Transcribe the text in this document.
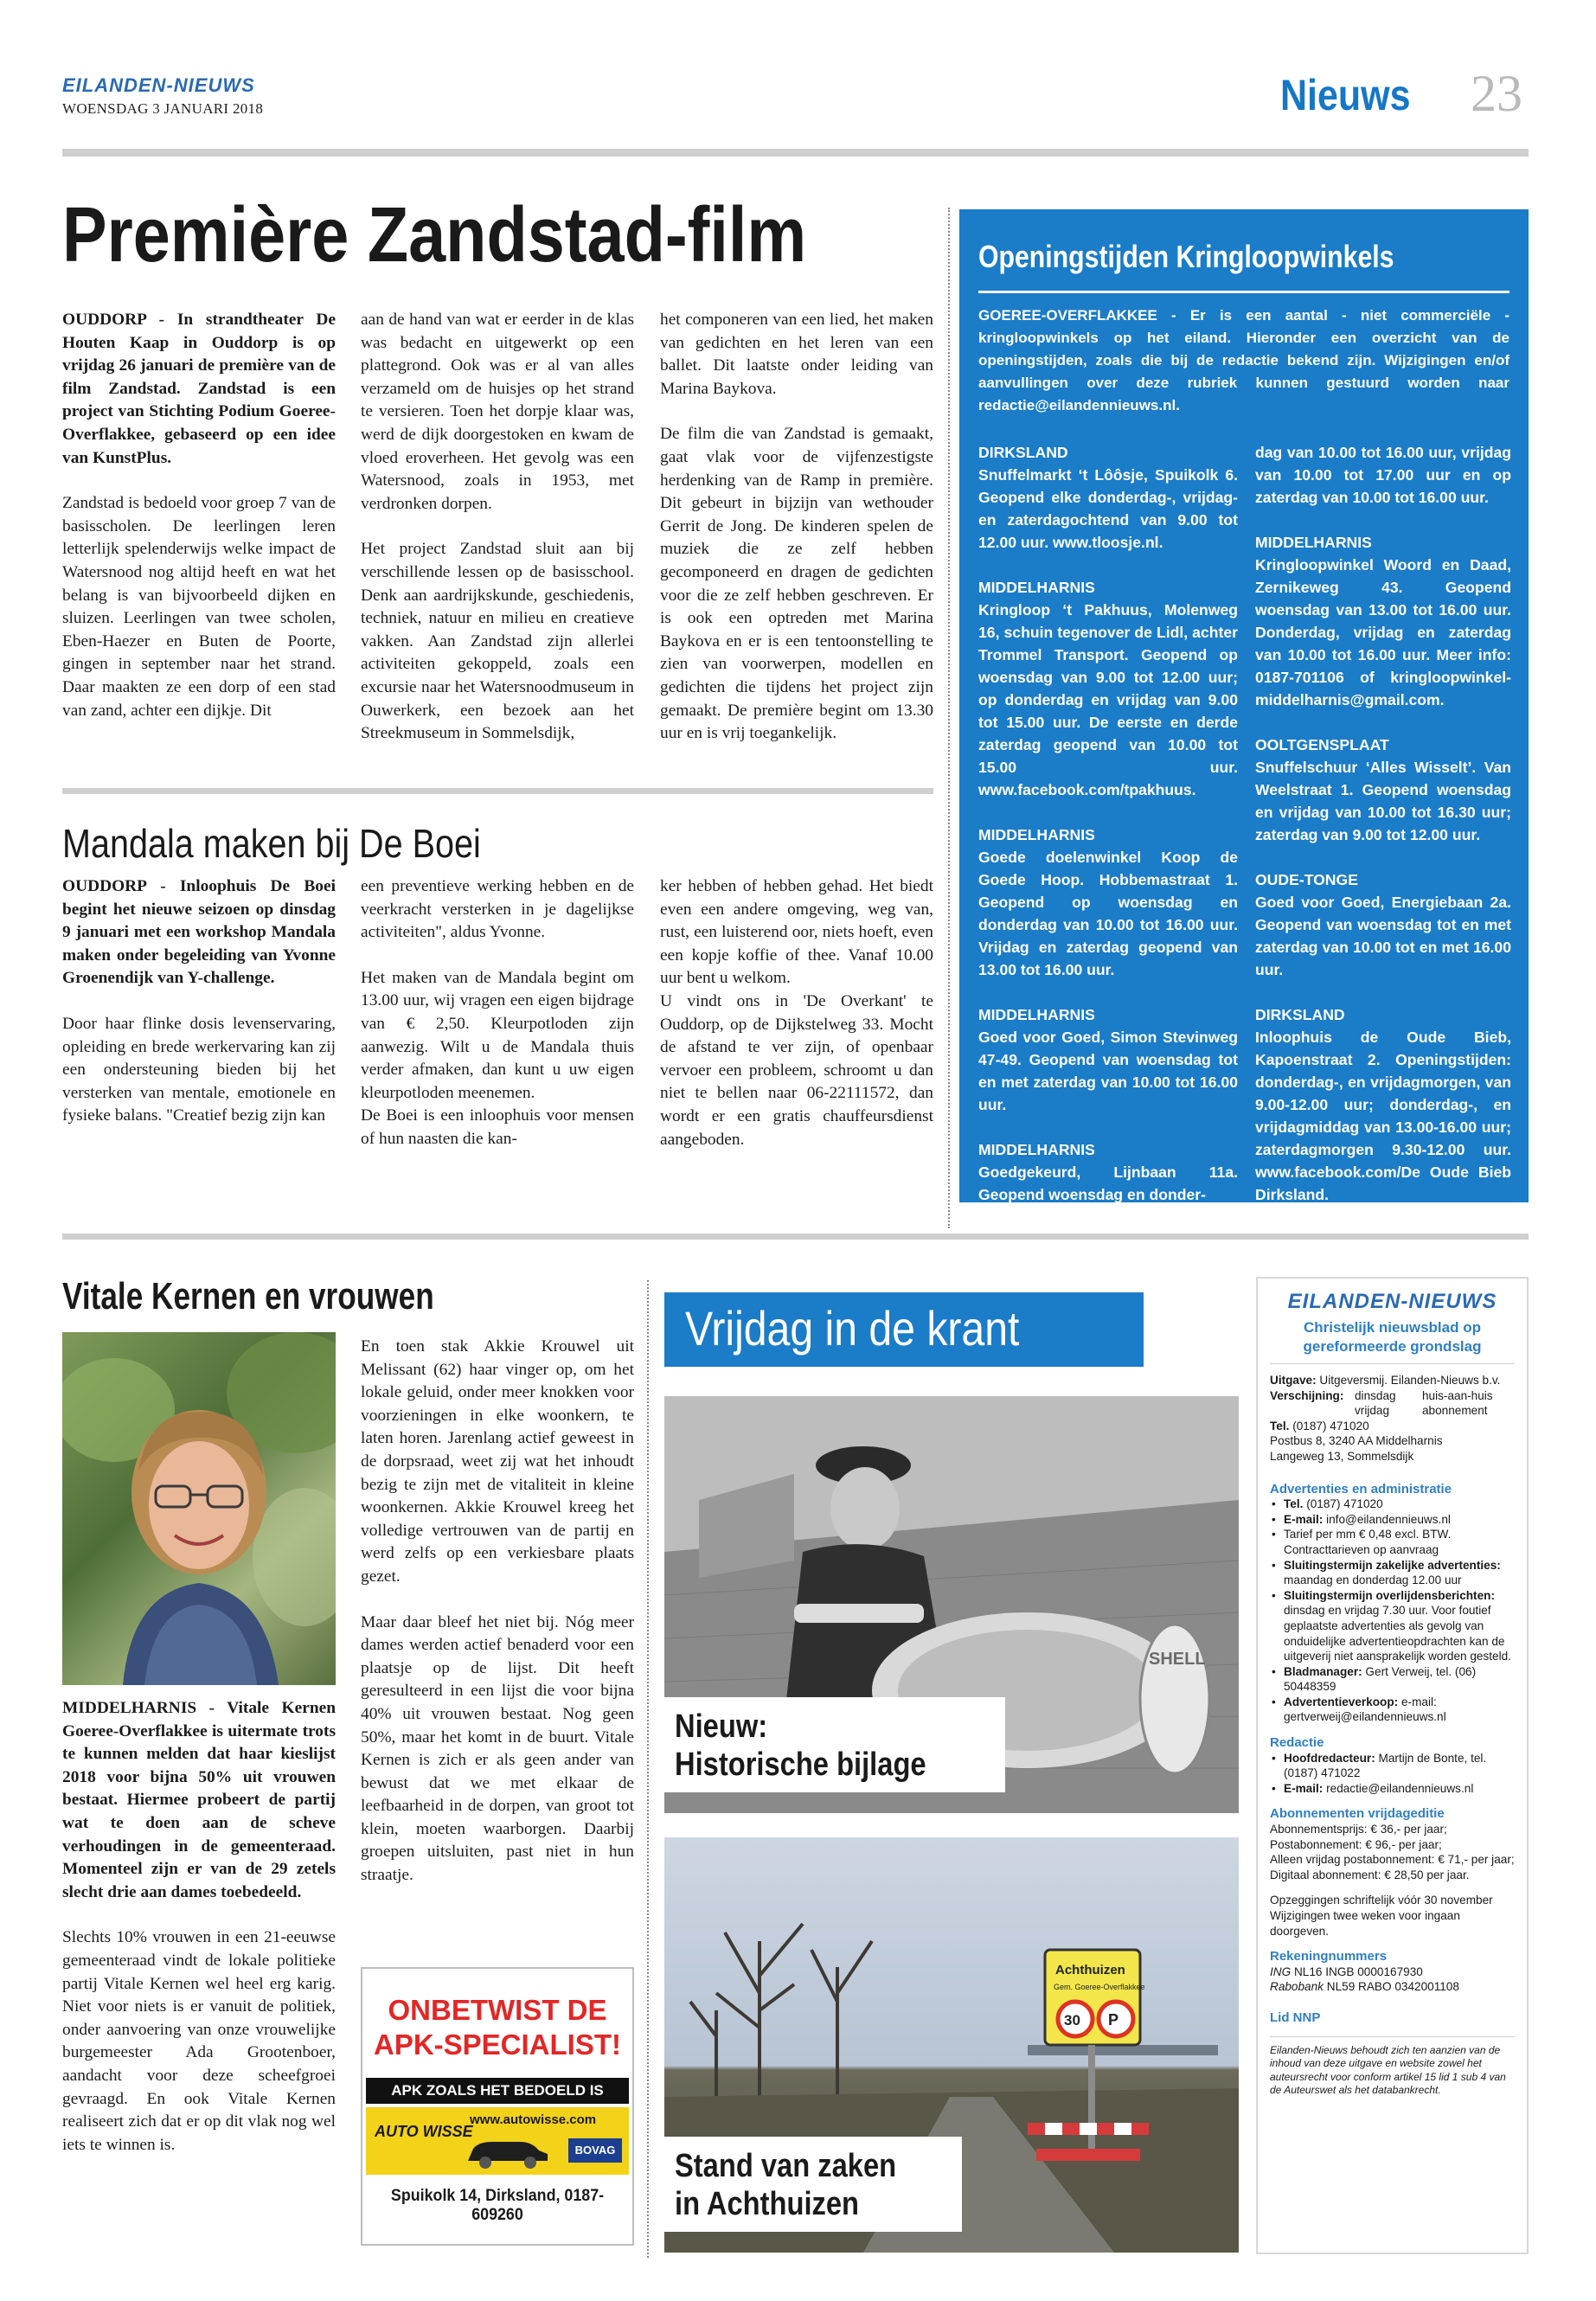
EILANDEN-NIEUWS
WOENSDAG 3 JANUARI 2018	Nieuws 23
Première Zandstad-film

OUDDORP - In strandtheater De Houten Kaap in Ouddorp is op vrijdag 26 januari de première van de film Zandstad. Zandstad is een project van Stichting Podium Goeree-Overflakkee, gebaseerd op een idee van KunstPlus.

Zandstad is bedoeld voor groep 7 van de basisscholen. De leerlingen leren letterlijk spelenderwijs welke impact de Watersnood nog altijd heeft en wat het belang is van bijvoorbeeld dijken en sluizen. Leerlingen van twee scholen, Eben-Haezer en Buten de Poorte, gingen in september naar het strand. Daar maakten ze een dorp of een stad van zand, achter een dijkje. Dit

aan de hand van wat er eerder in de klas was bedacht en uitgewerkt op een plattegrond. Ook was er al van alles verzameld om de huisjes op het strand te versieren. Toen het dorpje klaar was, werd de dijk doorgestoken en kwam de vloed eroverheen. Het gevolg was een Watersnood, zoals in 1953, met verdronken dorpen.

Het project Zandstad sluit aan bij verschillende lessen op de basisschool. Denk aan aardrijkskunde, geschiedenis, techniek, natuur en milieu en creatieve vakken. Aan Zandstad zijn allerlei activiteiten gekoppeld, zoals een excursie naar het Watersnoodmuseum in Ouwerkerk, een bezoek aan het Streekmuseum in Sommelsdijk,

het componeren van een lied, het maken van gedichten en het leren van een ballet. Dit laatste onder leiding van Marina Baykova.

De film die van Zandstad is gemaakt, gaat vlak voor de vijfenzestigste herdenking van de Ramp in première. Dit gebeurt in bijzijn van wethouder Gerrit de Jong. De kinderen spelen de muziek die ze zelf hebben gecomponeerd en dragen de gedichten voor die ze zelf hebben geschreven. Er is ook een optreden met Marina Baykova en er is een tentoonstelling te zien van voorwerpen, modellen en gedichten die tijdens het project zijn gemaakt. De première begint om 13.30 uur en is vrij toegankelijk.

Mandala maken bij De Boei

OUDDORP - Inloophuis De Boei begint het nieuwe seizoen op dinsdag 9 januari met een workshop Mandala maken onder begeleiding van Yvonne Groenendijk van Y-challenge.

Door haar flinke dosis levenservaring, opleiding en brede werkervaring kan zij een ondersteuning bieden bij het versterken van mentale, emotionele en fysieke balans. "Creatief bezig zijn kan

een preventieve werking hebben en de veerkracht versterken in je dagelijkse activiteiten", aldus Yvonne.

Het maken van de Mandala begint om 13.00 uur, wij vragen een eigen bijdrage van € 2,50. Kleurpotloden zijn aanwezig. Wilt u de Mandala thuis verder afmaken, dan kunt u uw eigen kleurpotloden meenemen.

De Boei is een inloophuis voor mensen of hun naasten die kan-

ker hebben of hebben gehad. Het biedt even een andere omgeving, weg van, rust, een luisterend oor, niets hoeft, even een kopje koffie of thee. Vanaf 10.00 uur bent u welkom.

U vindt ons in 'De Overkant' te Ouddorp, op de Dijkstelweg 33. Mocht de afstand te ver zijn, of openbaar vervoer een probleem, schroomt u dan niet te bellen naar 06-22111572, dan wordt er een gratis chauffeursdienst aangeboden.

Openingstijden Kringloopwinkels
GOEREE-OVERFLAKKEE - Er is een aantal - niet commerciële - kringloopwinkels op het eiland. Hieronder een overzicht van de openingstijden, zoals die bij de redactie bekend zijn. Wijzigingen en/of aanvullingen over deze rubriek kunnen gestuurd worden naar redactie@eilandennieuws.nl.

DIRKSLAND
Snuffelmarkt ‘t Lôôsje, Spuikolk 6. Geopend elke donderdag-, vrijdag- en zaterdagochtend van 9.00 tot 12.00 uur. www.tloosje.nl.

MIDDELHARNIS
Kringloop ‘t Pakhuus, Molenweg 16, schuin tegenover de Lidl, achter Trommel Transport. Geopend op woensdag van 9.00 tot 12.00 uur; op donderdag en vrijdag van 9.00 tot 15.00 uur. De eerste en derde zaterdag geopend van 10.00 tot 15.00 uur. www.facebook.com/tpakhuus.

MIDDELHARNIS
Goede doelenwinkel Koop de Goede Hoop. Hobbemastraat 1. Geopend op woensdag en donderdag van 10.00 tot 16.00 uur. Vrijdag en zaterdag geopend van 13.00 tot 16.00 uur.

MIDDELHARNIS
Goed voor Goed, Simon Stevinweg 47-49. Geopend van woensdag tot en met zaterdag van 10.00 tot 16.00 uur.

MIDDELHARNIS
Goedgekeurd, Lijnbaan 11a. Geopend woensdag en donder-

dag van 10.00 tot 16.00 uur, vrijdag van 10.00 tot 17.00 uur en op zaterdag van 10.00 tot 16.00 uur.

MIDDELHARNIS
Kringloopwinkel Woord en Daad, Zernikeweg 43. Geopend woensdag van 13.00 tot 16.00 uur. Donderdag, vrijdag en zaterdag van 10.00 tot 16.00 uur. Meer info: 0187-701106 of kringloopwinkel-middelharnis@gmail.com.

OOLTGENSPLAAT
Snuffelschuur ‘Alles Wisselt’. Van Weelstraat 1. Geopend woensdag en vrijdag van 10.00 tot 16.30 uur; zaterdag van 9.00 tot 12.00 uur.

OUDE-TONGE
Goed voor Goed, Energiebaan 2a. Geopend van woensdag tot en met zaterdag van 10.00 tot en met 16.00 uur.

DIRKSLAND
Inloophuis de Oude Bieb, Kapoenstraat 2. Openingstijden: donderdag-, en vrijdagmorgen, van 9.00-12.00 uur; donderdag-, en vrijdagmiddag van 13.00-16.00 uur; zaterdagmorgen 9.30-12.00 uur. www.facebook.com/De Oude Bieb Dirksland.

Vitale Kernen en vrouwen

MIDDELHARNIS - Vitale Kernen Goeree-Overflakkee is uitermate trots te kunnen melden dat haar kieslijst 2018 voor bijna 50% uit vrouwen bestaat. Hiermee probeert de partij wat te doen aan de scheve verhoudingen in de gemeenteraad. Momenteel zijn er van de 29 zetels slecht drie aan dames toebedeeld.

Slechts 10% vrouwen in een 21-eeuwse gemeenteraad vindt de lokale politieke partij Vitale Kernen wel heel erg karig. Niet voor niets is er vanuit de politiek, onder aanvoering van onze vrouwelijke burgemeester Ada Grootenboer, aandacht voor deze scheefgroei gevraagd. En ook Vitale Kernen realiseert zich dat er op dit vlak nog wel iets te winnen is.

En toen stak Akkie Krouwel uit Melissant (62) haar vinger op, om het lokale geluid, onder meer knokken voor voorzieningen in elke woonkern, te laten horen. Jarenlang actief geweest in de dorpsraad, weet zij wat het inhoudt bezig te zijn met de vitaliteit in kleine woonkernen. Akkie Krouwel kreeg het volledige vertrouwen van de partij en werd zelfs op een verkiesbare plaats gezet.

Maar daar bleef het niet bij. Nóg meer dames werden actief benaderd voor een plaatsje op de lijst. Dit heeft geresulteerd in een lijst die voor bijna 40% uit vrouwen bestaat. Nog geen 50%, maar het komt in de buurt. Vitale Kernen is zich er als geen ander van bewust dat we met elkaar de leefbaarheid in de dorpen, van groot tot klein, moeten waarborgen. Daarbij groepen uitsluiten, past niet in hun straatje.

ONBETWIST DE
APK-SPECIALIST!
APK ZOALS HET BEDOELD IS
AUTO WISSE
www.autowisse.com
BOVAG
Spuikolk 14, Dirksland, 0187-609260
Vrijdag in de krant
SHELL
Nieuw:
Historische bijlage
Achthuizen
Gem. Goeree-Overflakkee
30 P
Stand van zaken
in Achthuizen
EILANDEN-NIEUWS
Christelijk nieuwsblad op
gereformeerde grondslag
Uitgave: Uitgeversmij. Eilanden-Nieuws b.v.
Verschijning: dinsdag	huis-aan-huis
vrijdag	abonnement
Tel. (0187) 471020
Postbus 8, 3240 AA Middelharnis
Langeweg 13, Sommelsdijk
Advertenties en administratie
• Tel. (0187) 471020
• E-mail: info@eilandennieuws.nl
• Tarief per mm € 0,48 excl. BTW. Contracttarieven op aanvraag
• Sluitingstermijn zakelijke advertenties: maandag en donderdag 12.00 uur
• Sluitingstermijn overlijdensberichten: dinsdag en vrijdag 7.30 uur. Voor foutief geplaatste advertenties als gevolg van onduidelijke advertentieopdrachten kan de uitgeverij niet aansprakelijk worden gesteld.
• Bladmanager: Gert Verweij, tel. (06) 50448359
• Advertentieverkoop: e-mail: gertverweij@eilandennieuws.nl
Redactie
• Hoofdredacteur: Martijn de Bonte, tel. (0187) 471022
• E-mail: redactie@eilandennieuws.nl
Abonnementen vrijdageditie
Abonnementsprijs: € 36,- per jaar;
Postabonnement: € 96,- per jaar;
Alleen vrijdag postabonnement: € 71,- per jaar;
Digitaal abonnement: € 28,50 per jaar.
Opzeggingen schriftelijk vóór 30 november
Wijzigingen twee weken voor ingaan doorgeven.
Rekeningnummers
ING NL16 INGB 0000167930
Rabobank NL59 RABO 0342001108
Lid NNP
Eilanden-Nieuws behoudt zich ten aanzien van de inhoud van deze uitgave en website zowel het auteursrecht voor conform artikel 15 lid 1 sub 4 van de Auteurswet als het databankrecht.
